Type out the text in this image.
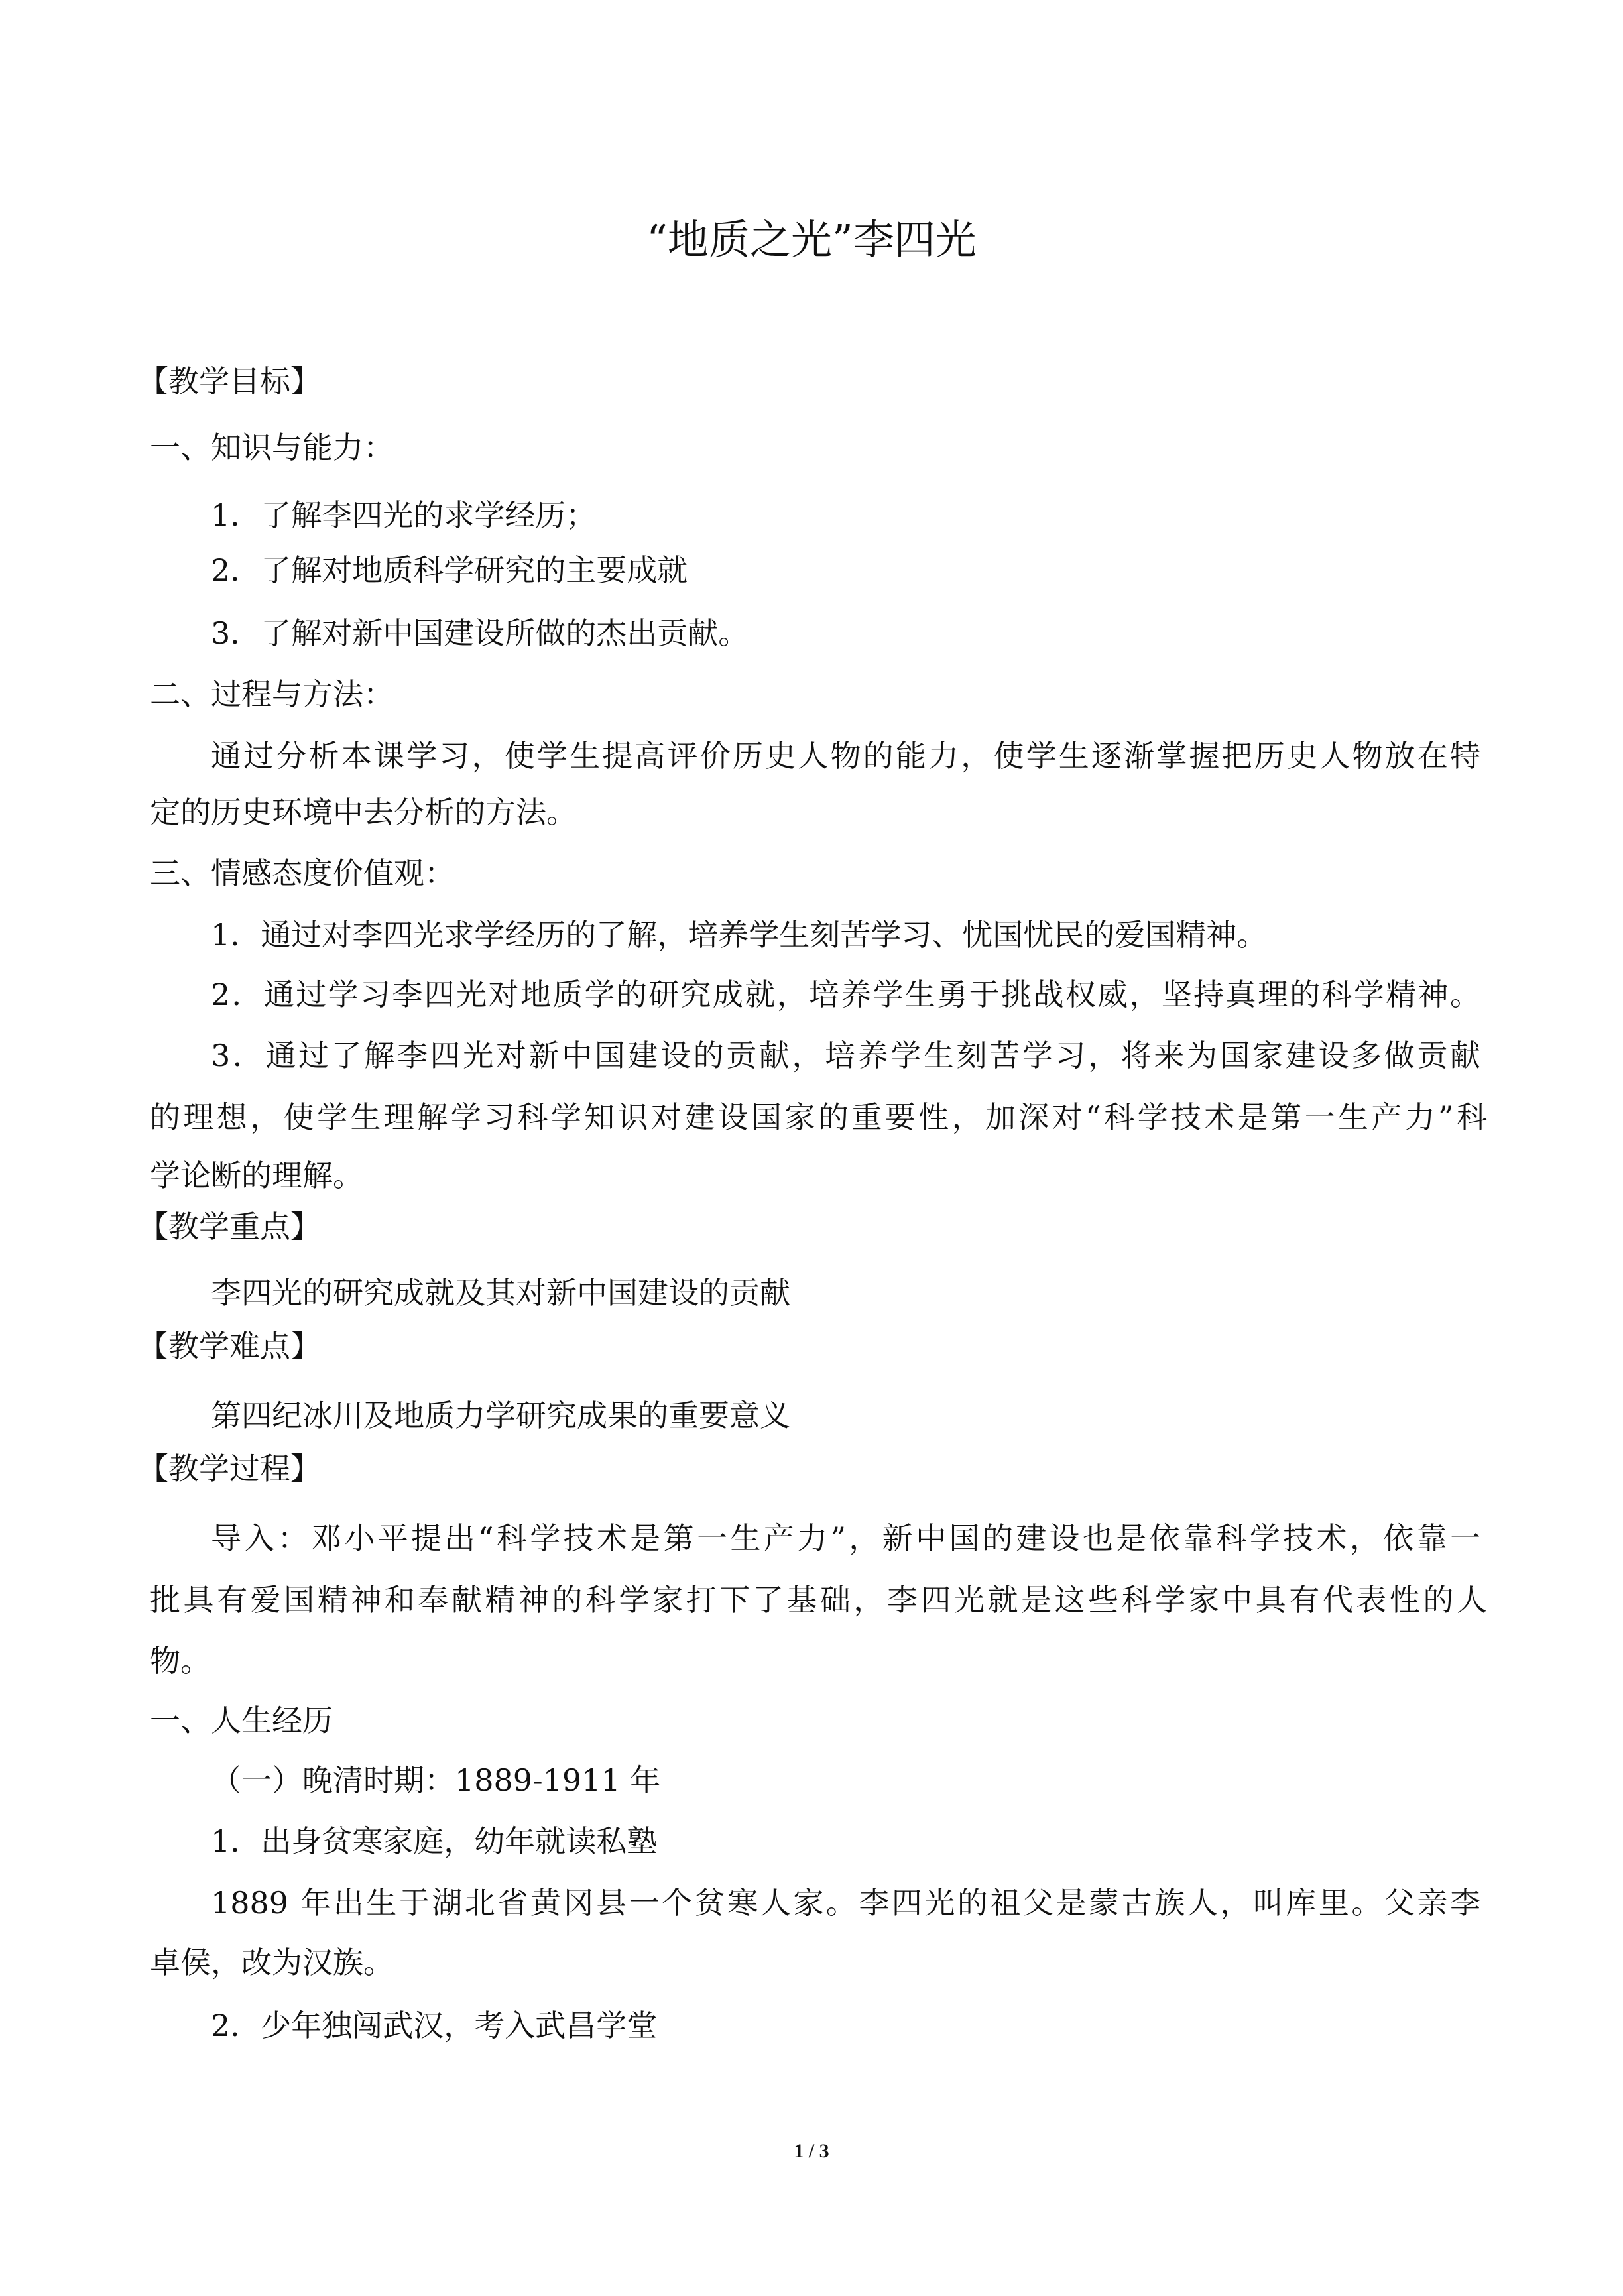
“地质之光”李四光
【教学目标】
一、知识与能力：
1．了解李四光的求学经历；
2．了解对地质科学研究的主要成就
3．了解对新中国建设所做的杰出贡献。
二、过程与方法：
通过分析本课学习，使学生提高评价历史人物的能力，使学生逐渐掌握把历史人物放在特
定的历史环境中去分析的方法。
三、情感态度价值观：
1．通过对李四光求学经历的了解，培养学生刻苦学习、忧国忧民的爱国精神。
2．通过学习李四光对地质学的研究成就，培养学生勇于挑战权威，坚持真理的科学精神。
3．通过了解李四光对新中国建设的贡献，培养学生刻苦学习，将来为国家建设多做贡献
的理想，使学生理解学习科学知识对建设国家的重要性，加深对“科学技术是第一生产力”科
学论断的理解。
【教学重点】
李四光的研究成就及其对新中国建设的贡献
【教学难点】
第四纪冰川及地质力学研究成果的重要意义
【教学过程】
导入：邓小平提出“科学技术是第一生产力”，新中国的建设也是依靠科学技术，依靠一
批具有爱国精神和奉献精神的科学家打下了基础，李四光就是这些科学家中具有代表性的人
物。
一、人生经历
（一）晚清时期：1889-1911 年
1．出身贫寒家庭，幼年就读私塾
1889 年出生于湖北省黄冈县一个贫寒人家。李四光的祖父是蒙古族人，叫库里。父亲李
卓侯，改为汉族。
2．少年独闯武汉，考入武昌学堂
1 / 3
